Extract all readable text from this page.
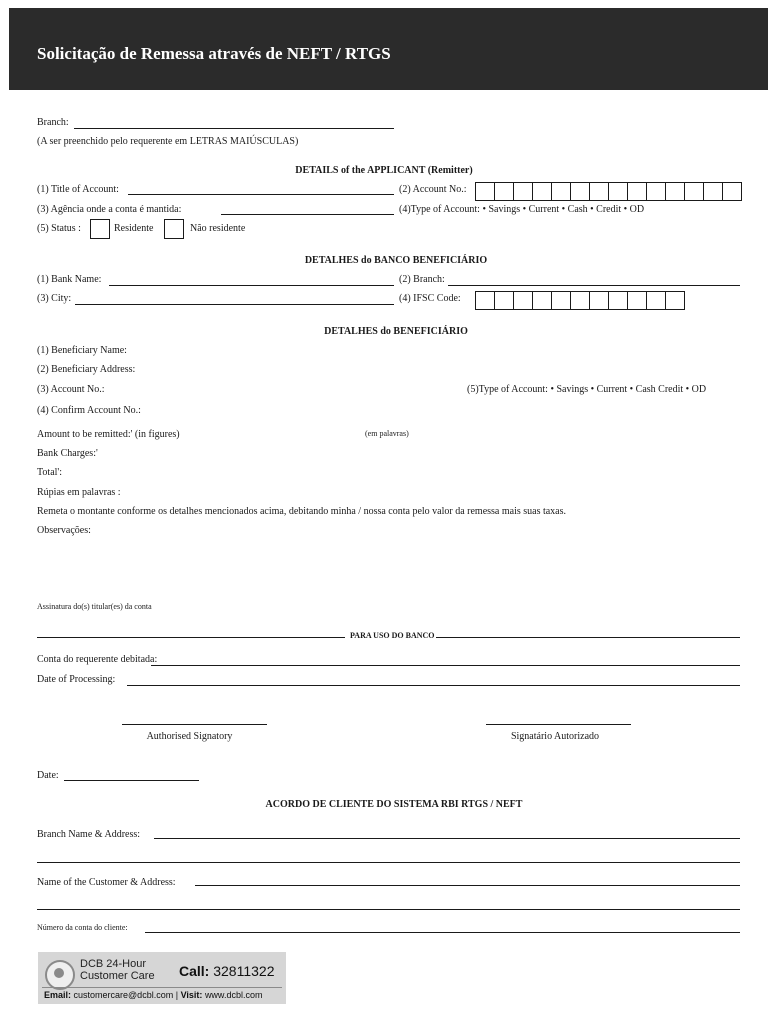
Solicitação de Remessa através de NEFT / RTGS
Branch:
(A ser preenchido pelo requerente em LETRAS MAIÚSCULAS)
DETAILS of the APPLICANT (Remitter)
(1) Title of Account:	(2) Account No.:
(3) Agência onde a conta é mantida:	(4)Type of Account: • Savings • Current • Cash • Credit • OD
(5) Status :	Residente	Não residente
DETALHES do BANCO BENEFICIÁRIO
(1) Bank Name:	(2) Branch:
(3) City:	(4) IFSC Code:
DETALHES do BENEFICIÁRIO
(1) Beneficiary Name:
(2) Beneficiary Address:
(3) Account No.:	(5)Type of Account: • Savings • Current • Cash Credit • OD
(4) Confirm Account No.:
Amount to be remitted:' (in figures)	(em palavras)
Bank Charges:'
Total':
Rúpias em palavras :
Remeta o montante conforme os detalhes mencionados acima, debitando minha / nossa conta pelo valor da remessa mais suas taxas.
Observações:
Assinatura do(s) titular(es) da conta
PARA USO DO BANCO
Conta do requerente debitada:
Date of Processing:
Authorised Signatory	Signatário Autorizado
Date:
ACORDO DE CLIENTE DO SISTEMA RBI RTGS / NEFT
Branch Name & Address:
Name of the Customer & Address:
Número da conta do cliente:
DCB 24-Hour
Customer Care Call: 32811322
Email: customercare@dcbl.com | Visit: www.dcbl.com
